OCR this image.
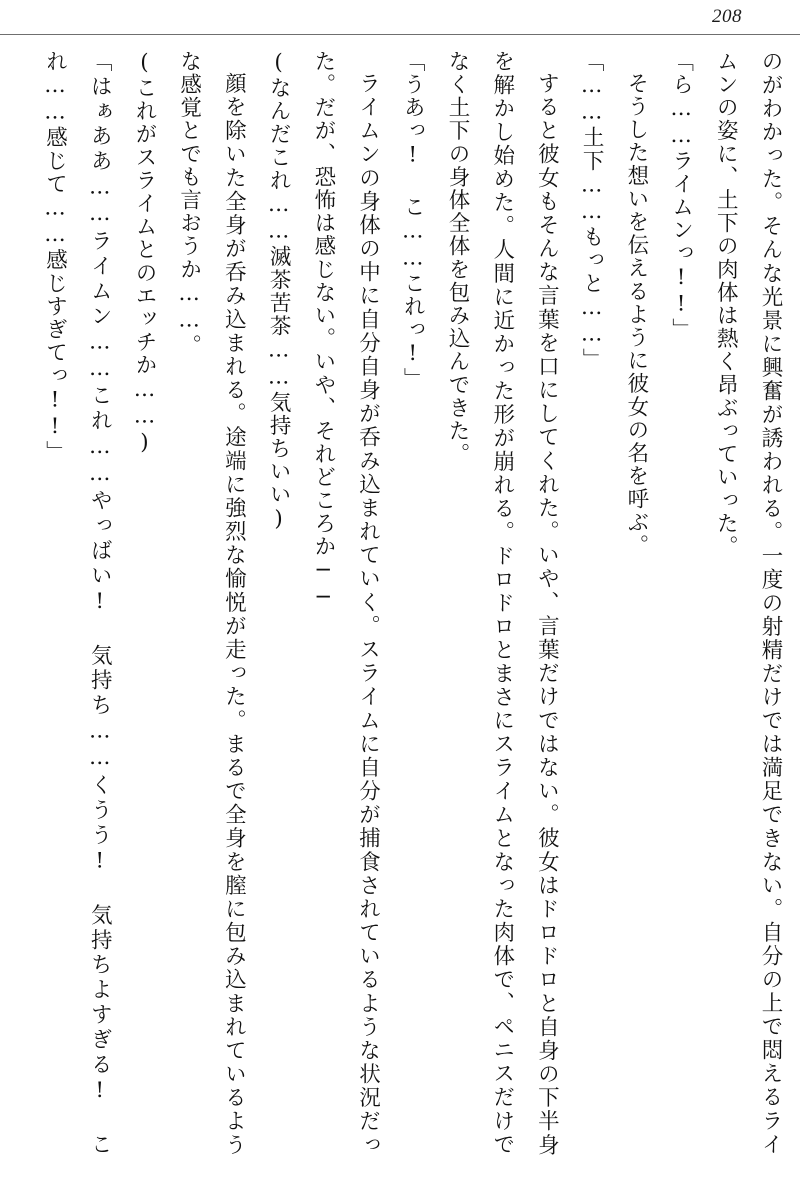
208

のがわかった。そんな光景に興奮が誘われる。一度の射精だけでは満足できない。自分の上で悶えるライムンの姿に、土下の肉体は熱く昂ぶっていった。

「ら……ライムンっ!!」

そうした想いを伝えるように彼女の名を呼ぶ。

「……土下……もっと……」

すると彼女もそんな言葉を口にしてくれた。いや、言葉だけではない。彼女はドロドロと自身の下半身を解かし始めた。人間に近かった形が崩れる。ドロドロとまさにスライムとなった肉体で、ペニスだけでなく土下の身体全体を包み込んできた。

「うあっ! こ……これっ!」

ライムンの身体の中に自分自身が呑み込まれていく。スライムに自分が捕食されているような状況だった。だが、恐怖は感じない。いや、それどころか──

(なんだこれ……滅茶苦茶……気持ちいい)

顔を除いた全身が呑み込まれる。途端に強烈な愉悦が走った。まるで全身を膣に包み込まれているような感覚とでも言おうか……。

(これがスライムとのエッチか……)

「はぁああ……ライムン……これ……やっばい! 気持ち……くうう! 気持ちよすぎる! これ……感じて……感じすぎてっ!!」
